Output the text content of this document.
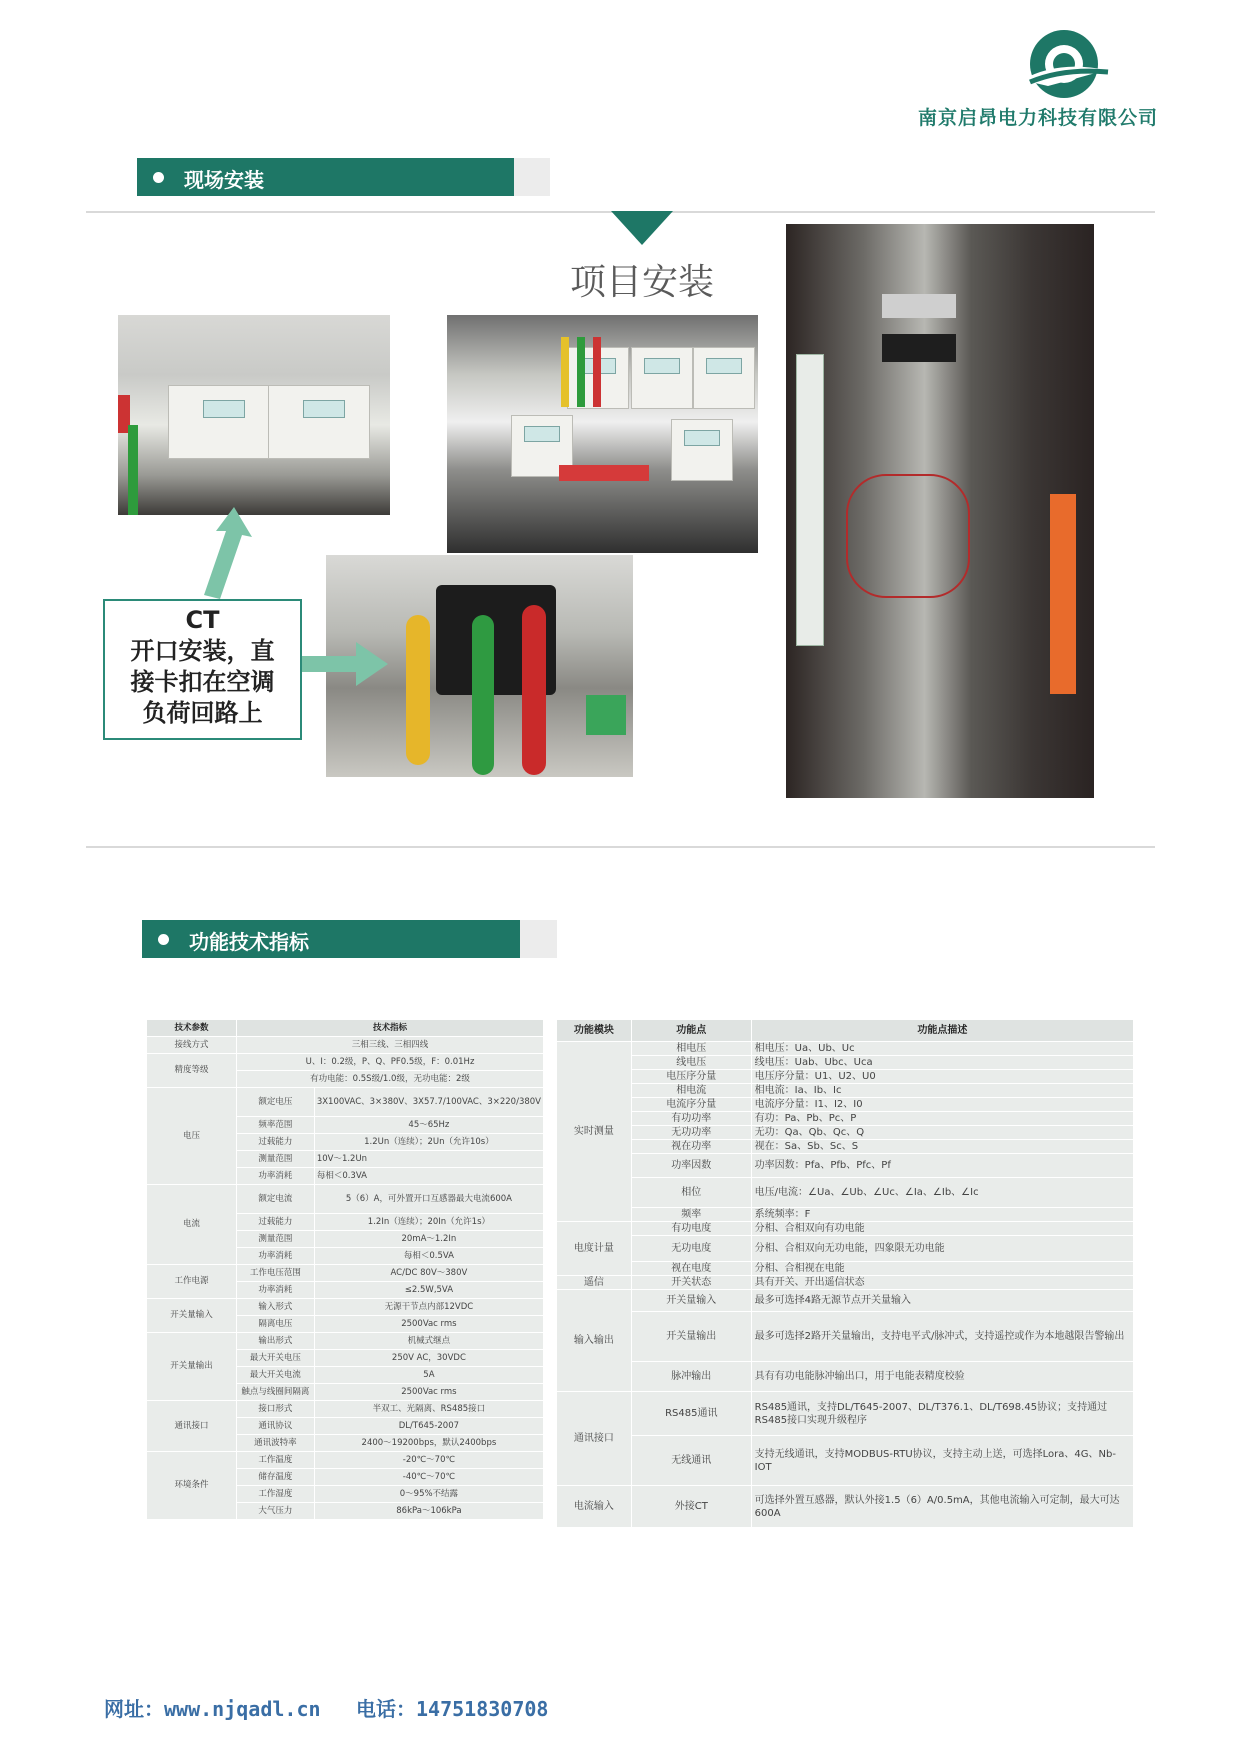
南京启昂电力科技有限公司
现场安装
项目安装
CT
开口安装，直
接卡扣在空调
负荷回路上
功能技术指标
技术参数	技术指标	
接线方式	三相三线、三相四线	
精度等级	U、I：0.2级，P、Q、PF0.5级，F：0.01Hz	
	有功电能：0.5S级/1.0级，无功电能：2级	
电压	额定电压	3X100VAC、3×380V、3X57.7/100VAC、3×220/380V
	频率范围	45～65Hz
	过载能力	1.2Un（连续）；2Un（允许10s）
	测量范围	10V～1.2Un
	功率消耗	每相＜0.3VA
电流	额定电流	5（6）A，可外置开口互感器最大电流600A
	过载能力	1.2In（连续）；20In（允许1s）
	测量范围	20mA～1.2In
	功率消耗	每相＜0.5VA
工作电源	工作电压范围	AC/DC 80V～380V
	功率消耗	≤2.5W,5VA
开关量输入	输入形式	无源干节点内部12VDC
	隔离电压	2500Vac rms
开关量输出	输出形式	机械式继点
	最大开关电压	250V AC，30VDC
	最大开关电流	5A
	触点与线圈间隔离	2500Vac rms
通讯接口	接口形式	半双工、光隔离、RS485接口
	通讯协议	DL/T645-2007
	通讯波特率	2400～19200bps，默认2400bps
环境条件	工作温度	-20℃～70℃
	储存温度	-40℃～70℃
	工作湿度	0～95%不结露
	大气压力	86kPa～106kPa
功能模块	功能点	功能点描述
实时测量	相电压	相电压：Ua、Ub、Uc
	线电压	线电压：Uab、Ubc、Uca
	电压序分量	电压序分量：U1、U2、U0
	相电流	相电流：Ia、Ib、Ic
	电流序分量	电流序分量：I1、I2、I0
	有功功率	有功：Pa、Pb、Pc、P
	无功功率	无功：Qa、Qb、Qc、Q
	视在功率	视在：Sa、Sb、Sc、S
	功率因数	功率因数：Pfa、Pfb、Pfc、Pf
	相位	电压/电流：∠Ua、∠Ub、∠Uc、∠Ia、∠Ib、∠Ic
	频率	系统频率：F
电度计量	有功电度	分相、合相双向有功电能
	无功电度	分相、合相双向无功电能，四象限无功电能
	视在电度	分相、合相视在电能
遥信	开关状态	具有开关、开出遥信状态
输入输出	开关量输入	最多可选择4路无源节点开关量输入
	开关量输出	最多可选择2路开关量输出，支持电平式/脉冲式，支持遥控或作为本地越限告警输出
	脉冲输出	具有有功电能脉冲输出口，用于电能表精度校验
通讯接口	RS485通讯	RS485通讯，支持DL/T645-2007、DL/T376.1、DL/T698.45协议；支持通过RS485接口实现升级程序
	无线通讯	支持无线通讯，支持MODBUS-RTU协议，支持主动上送，可选择Lora、4G、Nb-IOT
电流输入	外接CT	可选择外置互感器，默认外接1.5（6）A/0.5mA，其他电流输入可定制，最大可达600A
网址：www.njqadl.cn 电话：14751830708
